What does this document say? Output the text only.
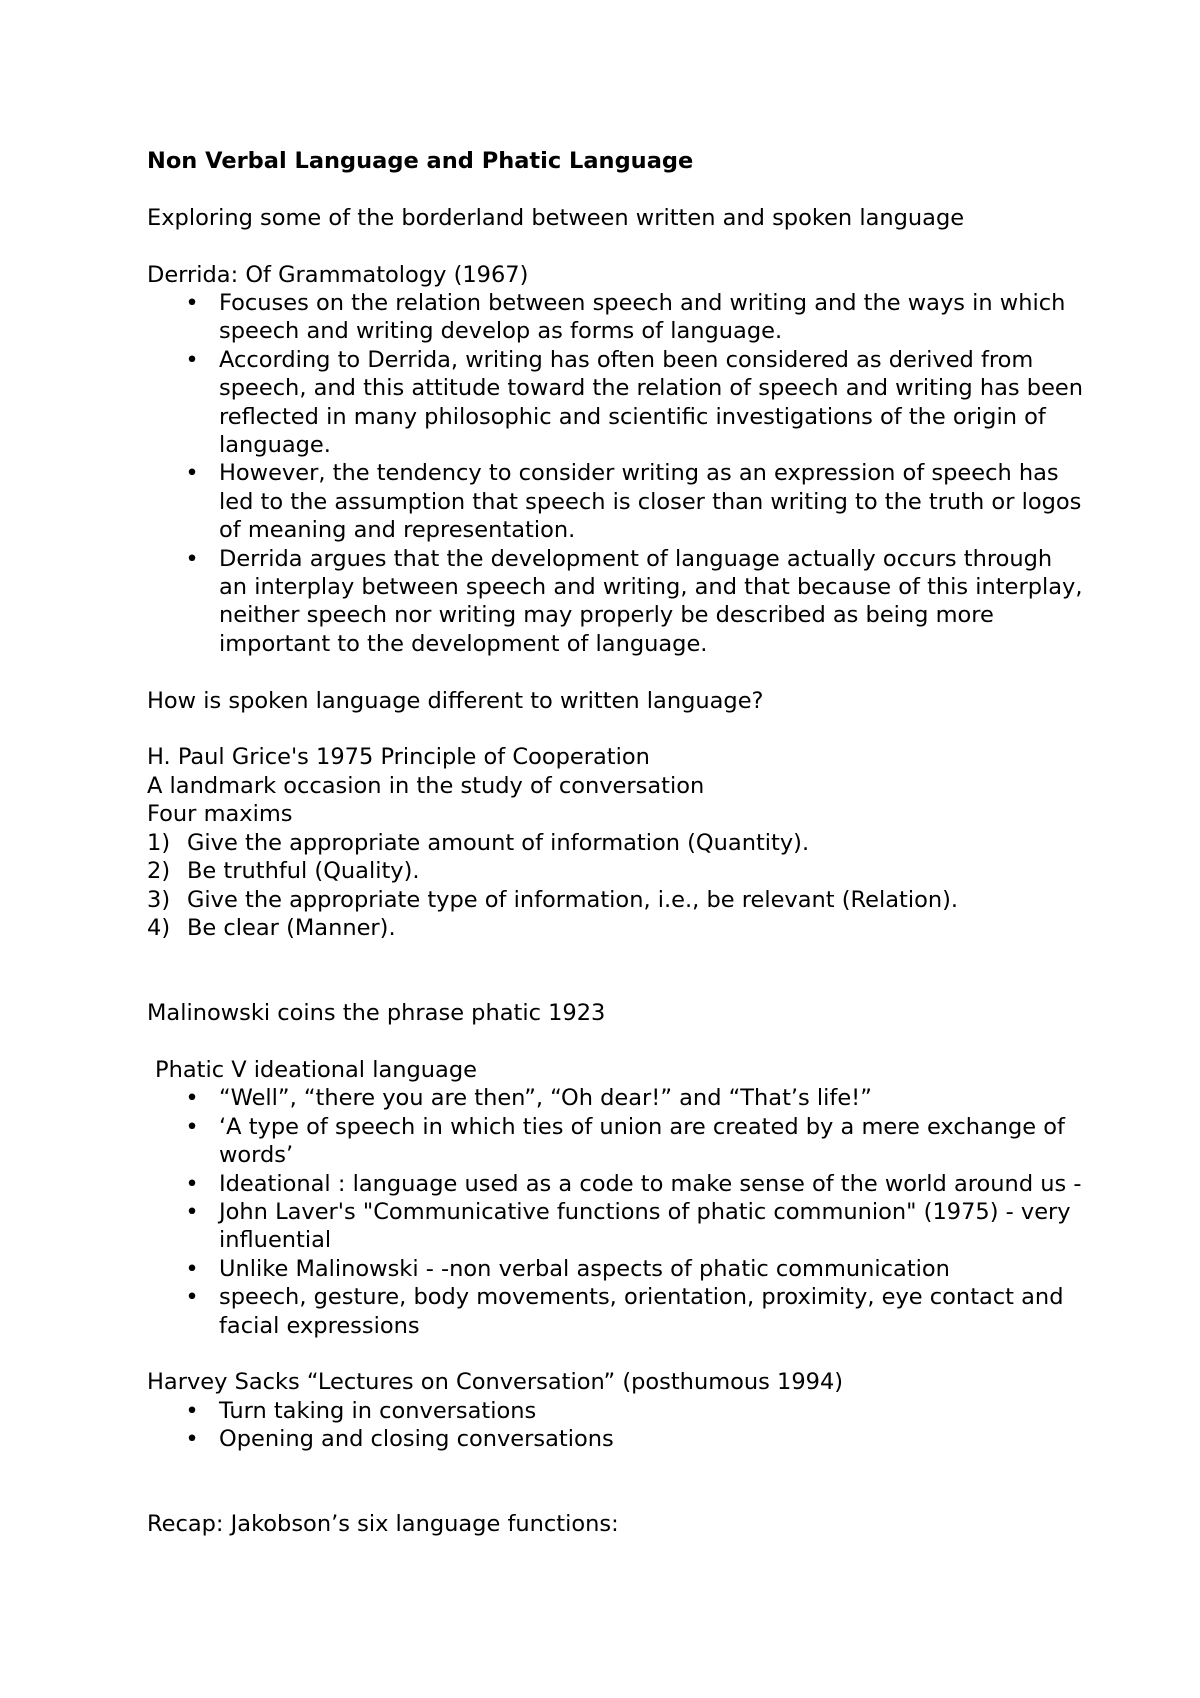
Non Verbal Language and Phatic Language

Exploring some of the borderland between written and spoken language

Derrida: Of Grammatology (1967)

• Focuses on the relation between speech and writing and the ways in which speech and writing develop as forms of language.
• According to Derrida, writing has often been considered as derived from speech, and this attitude toward the relation of speech and writing has been reflected in many philosophic and scientific investigations of the origin of language.
• However, the tendency to consider writing as an expression of speech has led to the assumption that speech is closer than writing to the truth or logos of meaning and representation.
• Derrida argues that the development of language actually occurs through an interplay between speech and writing, and that because of this interplay, neither speech nor writing may properly be described as being more important to the development of language.

How is spoken language different to written language?

H. Paul Grice's 1975 Principle of Cooperation

A landmark occasion in the study of conversation

Four maxims

1) Give the appropriate amount of information (Quantity).
2) Be truthful (Quality).
3) Give the appropriate type of information, i.e., be relevant (Relation).
4) Be clear (Manner).

Malinowski coins the phrase phatic 1923

Phatic V ideational language

• “Well”, “there you are then”, “Oh dear!” and “That’s life!”
• ‘A type of speech in which ties of union are created by a mere exchange of words’
• Ideational : language used as a code to make sense of the world around us -
• John Laver's "Communicative functions of phatic communion" (1975) - very influential
• Unlike Malinowski - -non verbal aspects of phatic communication
• speech, gesture, body movements, orientation, proximity, eye contact and facial expressions

Harvey Sacks “Lectures on Conversation” (posthumous 1994)

• Turn taking in conversations
• Opening and closing conversations

Recap: Jakobson’s six language functions:
